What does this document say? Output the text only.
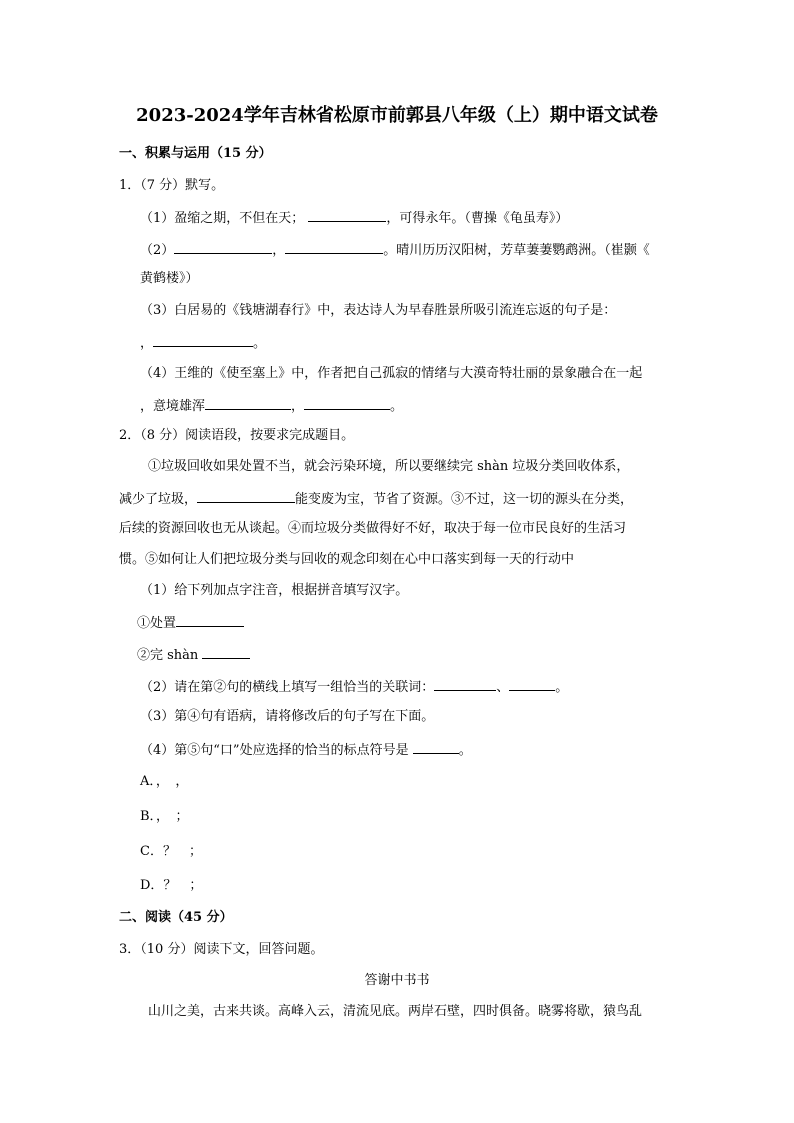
2023-2024学年吉林省松原市前郭县八年级（上）期中语文试卷
一、积累与运用（15 分）
1．（7 分）默写。
（1）盈缩之期，不但在天；	，可得永年。（曹操《龟虽寿》）
（2）	，	。晴川历历汉阳树，芳草萋萋鹦鹉洲。（崔颢《
黄鹤楼》）
（3）白居易的《钱塘湖春行》中，表达诗人为早春胜景所吸引流连忘返的句子是：
，	。
（4）王维的《使至塞上》中，作者把自己孤寂的情绪与大漠奇特壮丽的景象融合在一起
，意境雄浑	，	。
2．（8 分）阅读语段，按要求完成题目。
①垃圾回收如果处置不当，就会污染环境，所以要继续完 shàn 垃圾分类回收体系，
减少了垃圾，	能变废为宝，节省了资源。③不过，这一切的源头在分类，
后续的资源回收也无从谈起。④而垃圾分类做得好不好，取决于每一位市民良好的生活习
惯。⑤如何让人们把垃圾分类与回收的观念印刻在心中口落实到每一天的行动中
（1）给下列加点字注音，根据拼音填写汉字。
①处置
②完 shàn
（2）请在第②句的横线上填写一组恰当的关联词：	、	。
（3）第④句有语病，请将修改后的句子写在下面。
（4）第⑤句“口”处应选择的恰当的标点符号是	。
A．，　，
B．，　；
C．？　；
D．？　；
二、阅读（45 分）
3．（10 分）阅读下文，回答问题。
答谢中书书
山川之美，古来共谈。高峰入云，清流见底。两岸石壁，四时俱备。晓雾将歇，猿鸟乱
